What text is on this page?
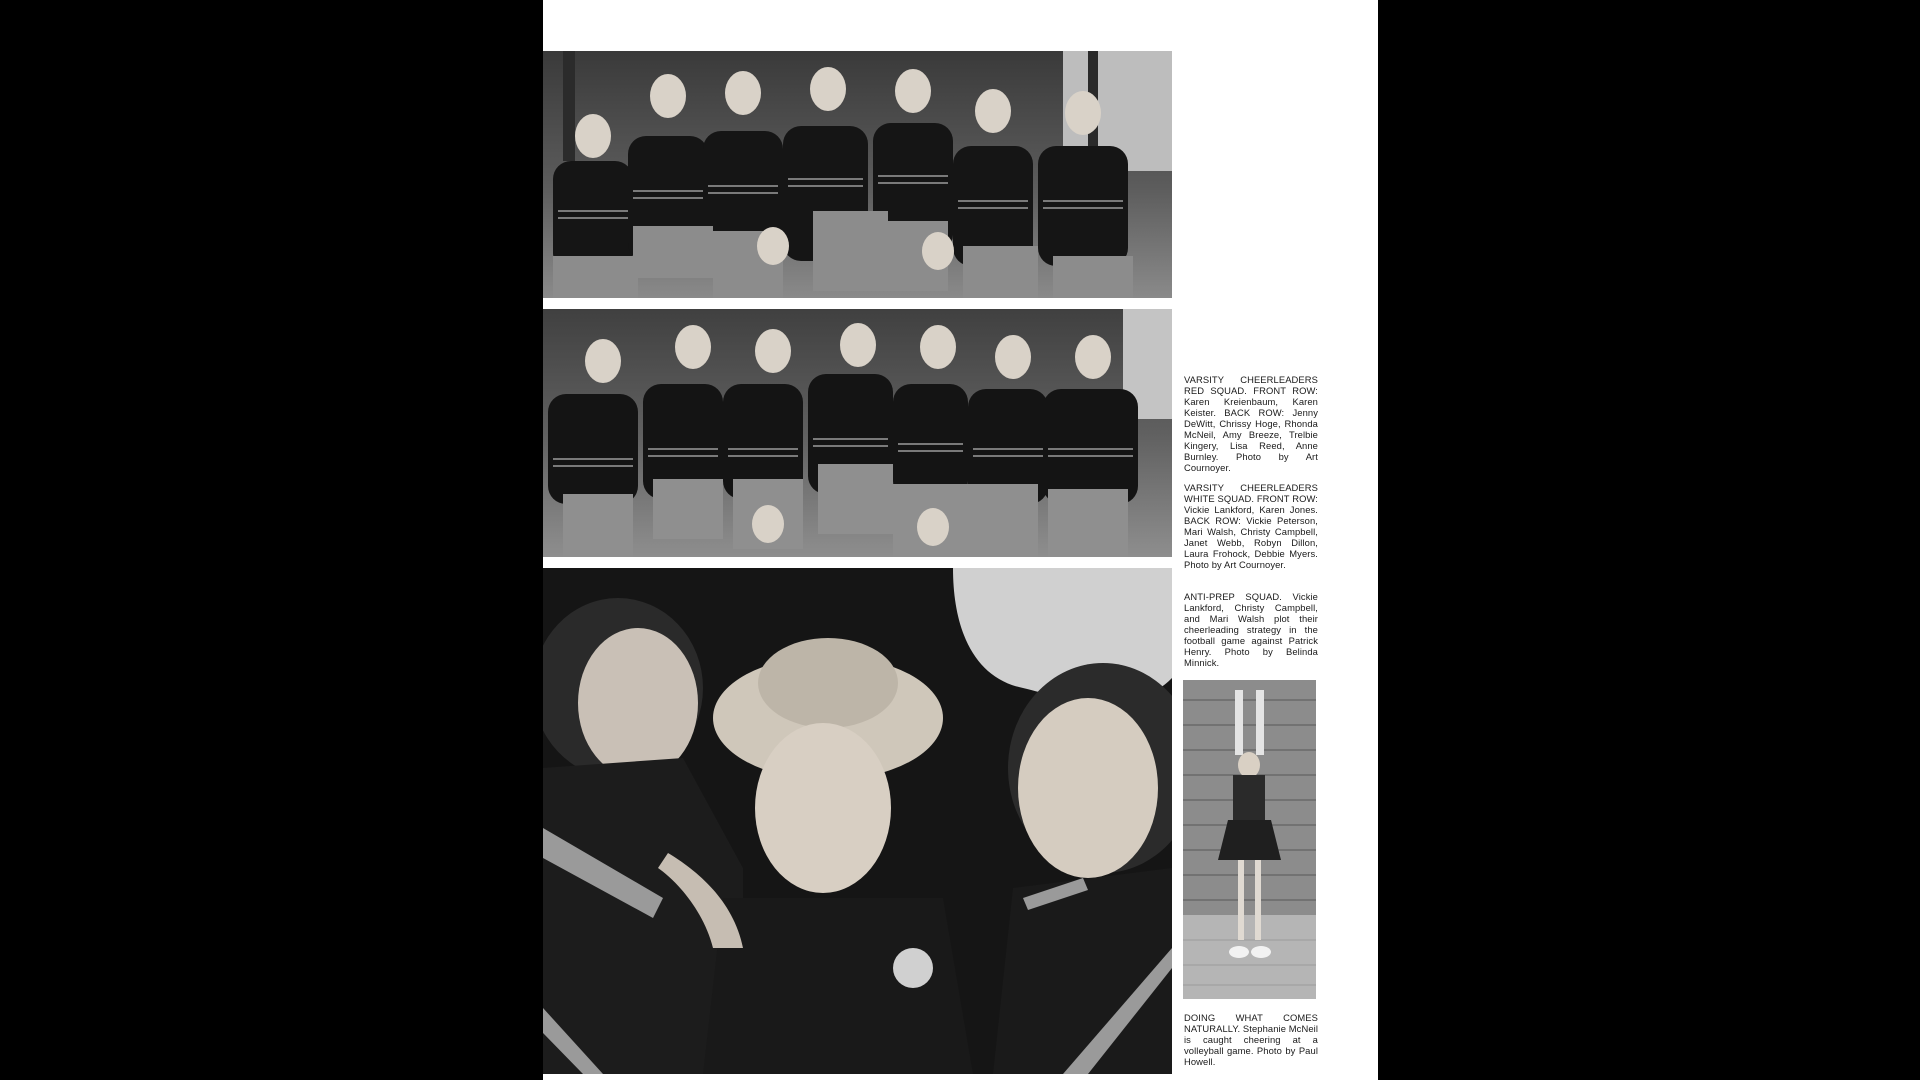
VARSITY CHEERLEADERS RED SQUAD. FRONT ROW: Karen Kreienbaum, Karen Keister. BACK ROW: Jenny DeWitt, Chrissy Hoge, Rhonda McNeil, Amy Breeze, Trelbie Kingery, Lisa Reed, Anne Burnley. Photo by Art Cournoyer.

VARSITY CHEERLEADERS WHITE SQUAD. FRONT ROW: Vickie Lankford, Karen Jones. BACK ROW: Vickie Peterson, Mari Walsh, Christy Campbell, Janet Webb, Robyn Dillon, Laura Frohock, Debbie Myers. Photo by Art Cournoyer.

ANTI-PREP SQUAD. Vickie Lankford, Christy Campbell, and Mari Walsh plot their cheerleading strategy in the football game against Patrick Henry. Photo by Belinda Minnick.

DOING WHAT COMES NATURALLY. Stephanie McNeil is caught cheering at a volleyball game. Photo by Paul Howell.
